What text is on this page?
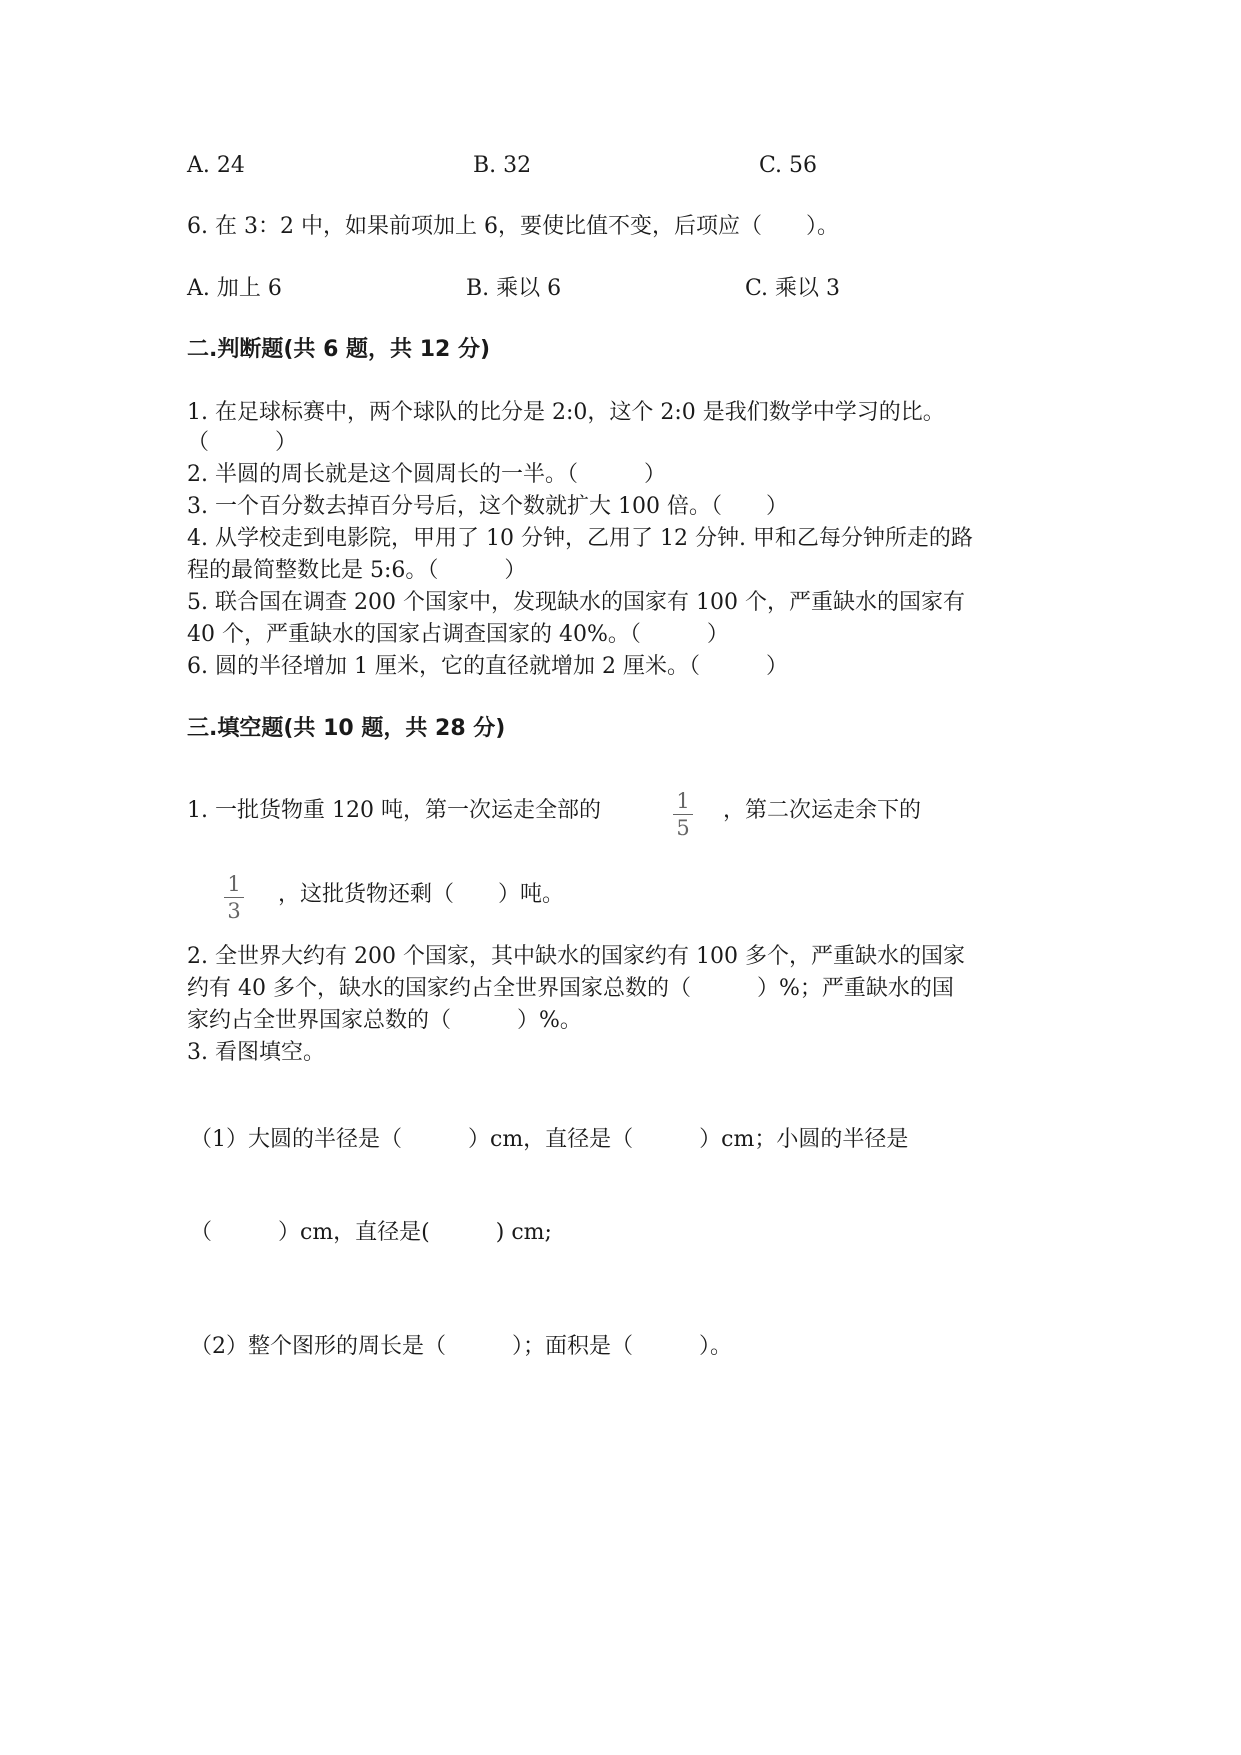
A. 24	B. 32	C. 56
6. 在 3：2 中，如果前项加上 6，要使比值不变，后项应（　　）。
A. 加上 6	B. 乘以 6	C. 乘以 3
二.判断题(共 6 题，共 12 分)
1. 在足球标赛中，两个球队的比分是 2:0，这个 2:0 是我们数学中学习的比。
（　　　）
2. 半圆的周长就是这个圆周长的一半。（　　　）
3. 一个百分数去掉百分号后，这个数就扩大 100 倍。（　　）
4. 从学校走到电影院，甲用了 10 分钟，乙用了 12 分钟. 甲和乙每分钟所走的路
程的最简整数比是 5:6。（　　　）
5. 联合国在调查 200 个国家中，发现缺水的国家有 100 个，严重缺水的国家有
40 个，严重缺水的国家占调查国家的 40%。（　　　）
6. 圆的半径增加 1 厘米，它的直径就增加 2 厘米。（　　　）
三.填空题(共 10 题，共 28 分)
1. 一批货物重 120 吨，第一次运走全部的	1
5
，第二次运走余下的
1
3
，这批货物还剩（　　）吨。
2. 全世界大约有 200 个国家，其中缺水的国家约有 100 多个，严重缺水的国家
约有 40 多个，缺水的国家约占全世界国家总数的（　　　）%；严重缺水的国
家约占全世界国家总数的（　　　）%。
3. 看图填空。
（1）大圆的半径是（　　　）cm，直径是（　　　）cm；小圆的半径是
（　　　）cm，直径是(　　　) cm;
（2）整个图形的周长是（　　　）；面积是（　　　）。
